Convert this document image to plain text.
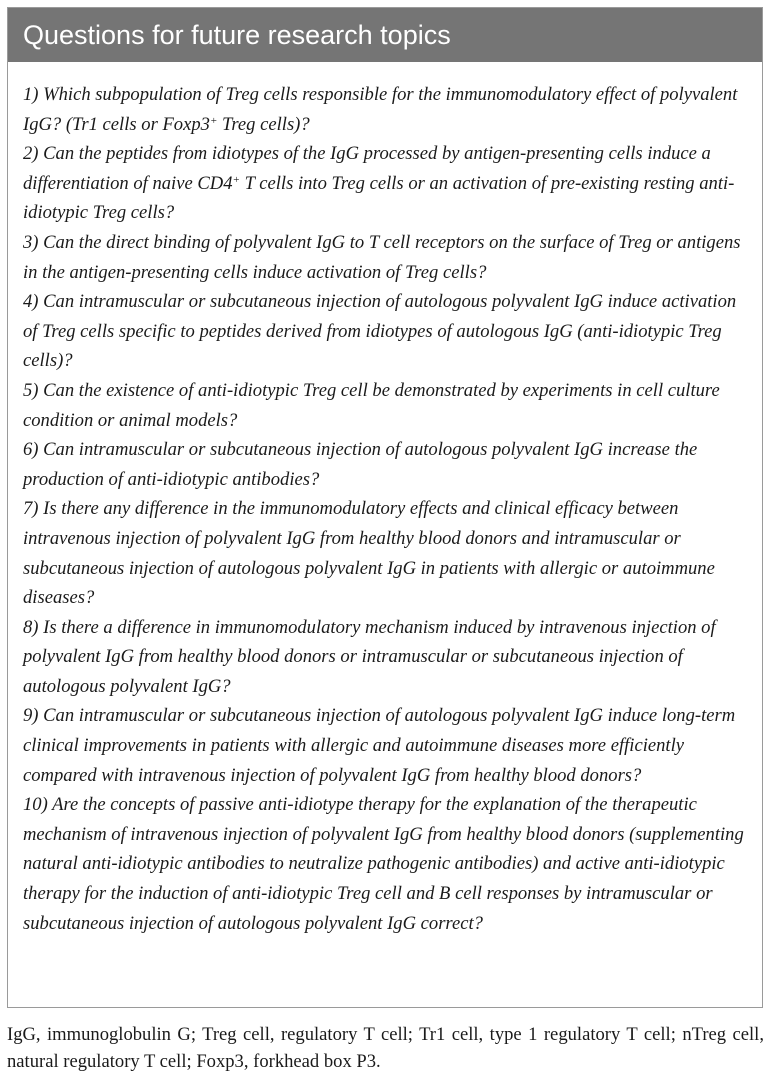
Questions for future research topics
1) Which subpopulation of Treg cells responsible for the immunomodulatory effect of polyvalent IgG? (Tr1 cells or Foxp3+ Treg cells)?
2) Can the peptides from idiotypes of the IgG processed by antigen-presenting cells induce a differentiation of naive CD4+ T cells into Treg cells or an activation of pre-existing resting anti-idiotypic Treg cells?
3) Can the direct binding of polyvalent IgG to T cell receptors on the surface of Treg or antigens in the antigen-presenting cells induce activation of Treg cells?
4) Can intramuscular or subcutaneous injection of autologous polyvalent IgG induce activation of Treg cells specific to peptides derived from idiotypes of autologous IgG (anti-idiotypic Treg cells)?
5) Can the existence of anti-idiotypic Treg cell be demonstrated by experiments in cell culture condition or animal models?
6) Can intramuscular or subcutaneous injection of autologous polyvalent IgG increase the production of anti-idiotypic antibodies?
7) Is there any difference in the immunomodulatory effects and clinical efficacy between intravenous injection of polyvalent IgG from healthy blood donors and intramuscular or subcutaneous injection of autologous polyvalent IgG in patients with allergic or autoimmune diseases?
8) Is there a difference in immunomodulatory mechanism induced by intravenous injection of polyvalent IgG from healthy blood donors or intramuscular or subcutaneous injection of autologous polyvalent IgG?
9) Can intramuscular or subcutaneous injection of autologous polyvalent IgG induce long-term clinical improvements in patients with allergic and autoimmune diseases more efficiently compared with intravenous injection of polyvalent IgG from healthy blood donors?
10) Are the concepts of passive anti-idiotype therapy for the explanation of the therapeutic mechanism of intravenous injection of polyvalent IgG from healthy blood donors (supplementing natural anti-idiotypic antibodies to neutralize pathogenic antibodies) and active anti-idiotypic therapy for the induction of anti-idiotypic Treg cell and B cell responses by intramuscular or subcutaneous injection of autologous polyvalent IgG correct?

IgG, immunoglobulin G; Treg cell, regulatory T cell; Tr1 cell, type 1 regulatory T cell; nTreg cell, natural regulatory T cell; Foxp3, forkhead box P3.
